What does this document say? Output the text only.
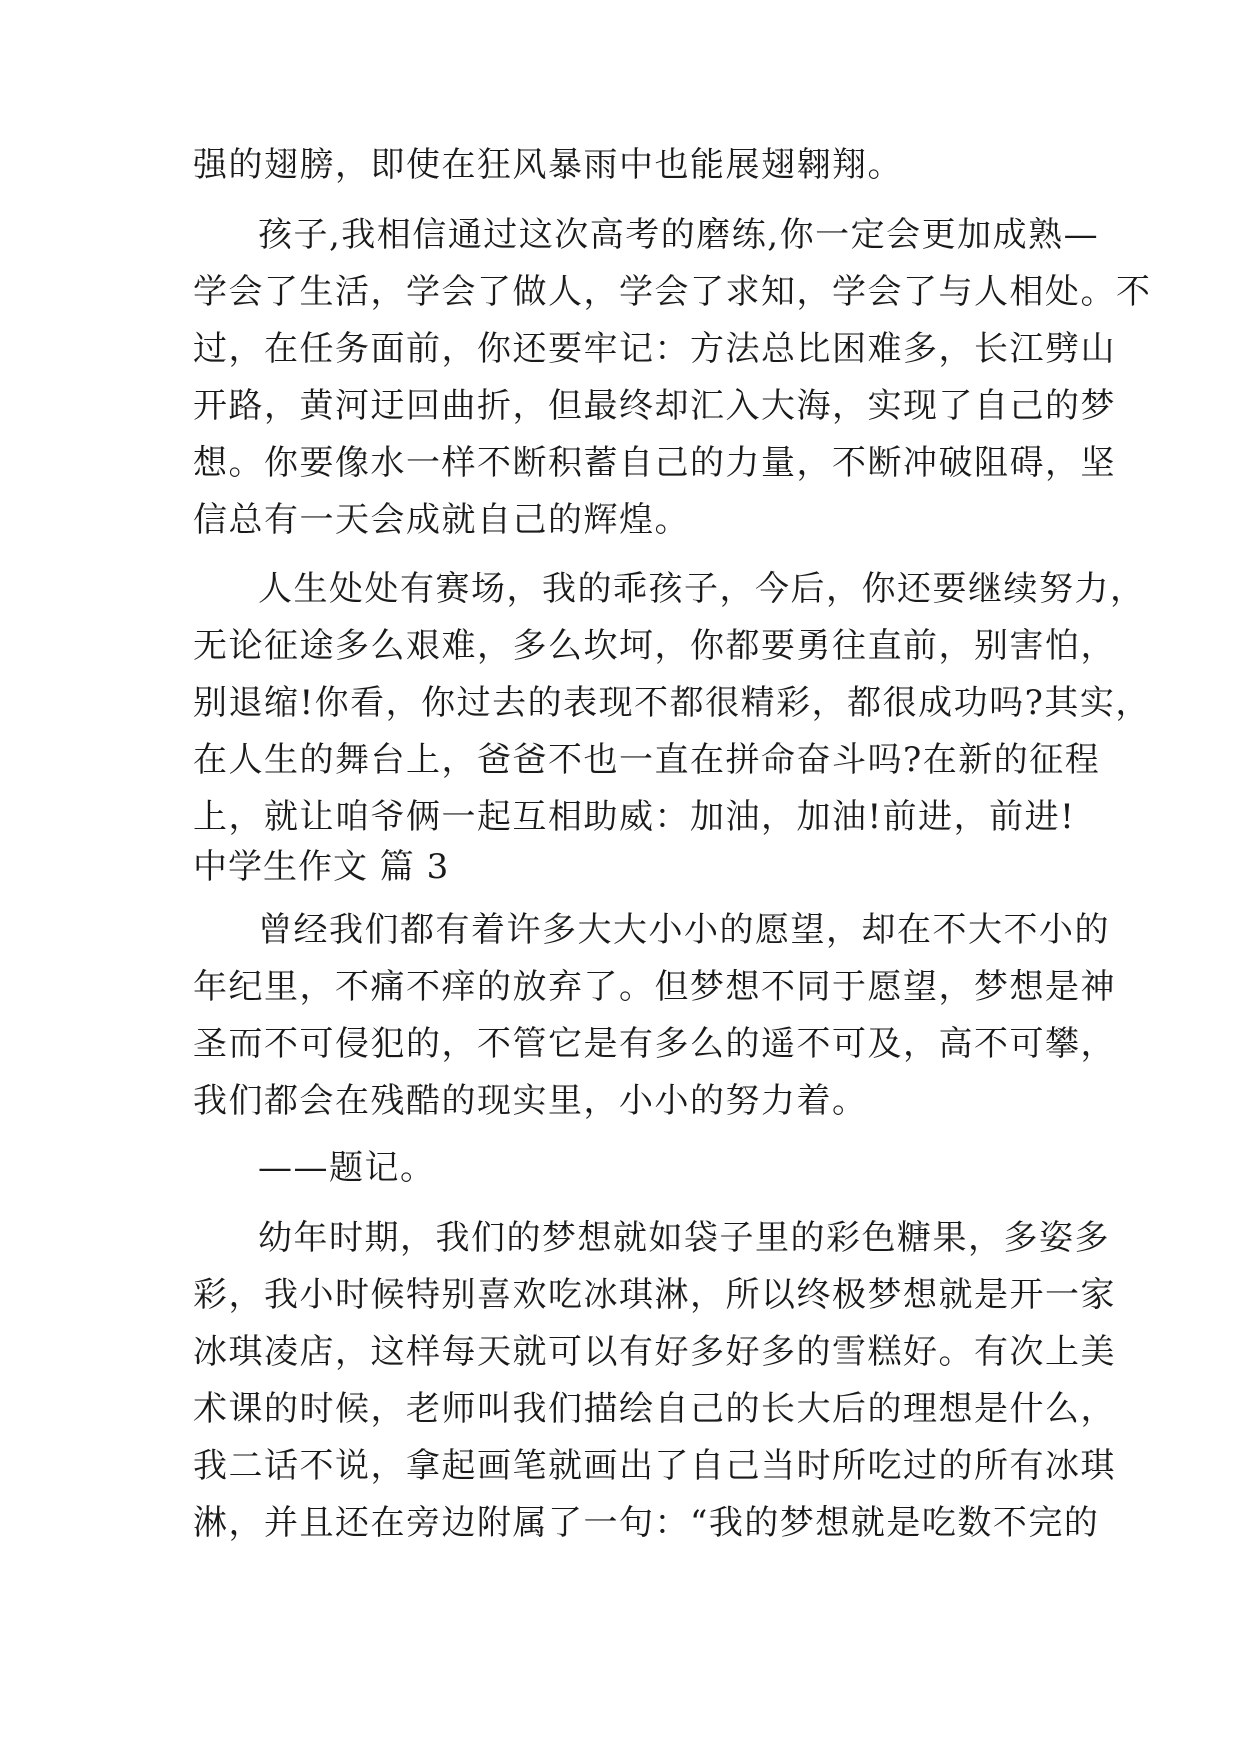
强的翅膀，即使在狂风暴雨中也能展翅翱翔。
孩子,我相信通过这次高考的磨练,你一定会更加成熟—
学会了生活，学会了做人，学会了求知，学会了与人相处。不
过，在任务面前，你还要牢记：方法总比困难多，长江劈山
开路，黄河迂回曲折，但最终却汇入大海，实现了自己的梦
想。你要像水一样不断积蓄自己的力量，不断冲破阻碍，坚
信总有一天会成就自己的辉煌。
人生处处有赛场，我的乖孩子，今后，你还要继续努力，
无论征途多么艰难，多么坎坷，你都要勇往直前，别害怕，
别退缩!你看，你过去的表现不都很精彩，都很成功吗?其实，
在人生的舞台上，爸爸不也一直在拼命奋斗吗?在新的征程
上，就让咱爷俩一起互相助威：加油，加油!前进，前进!
中学生作文 篇 3
曾经我们都有着许多大大小小的愿望，却在不大不小的
年纪里，不痛不痒的放弃了。但梦想不同于愿望，梦想是神
圣而不可侵犯的，不管它是有多么的遥不可及，高不可攀，
我们都会在残酷的现实里，小小的努力着。
——题记。
幼年时期，我们的梦想就如袋子里的彩色糖果，多姿多
彩，我小时候特别喜欢吃冰琪淋，所以终极梦想就是开一家
冰琪凌店，这样每天就可以有好多好多的雪糕好。有次上美
术课的时候，老师叫我们描绘自己的长大后的理想是什么，
我二话不说，拿起画笔就画出了自己当时所吃过的所有冰琪
淋，并且还在旁边附属了一句：“我的梦想就是吃数不完的
